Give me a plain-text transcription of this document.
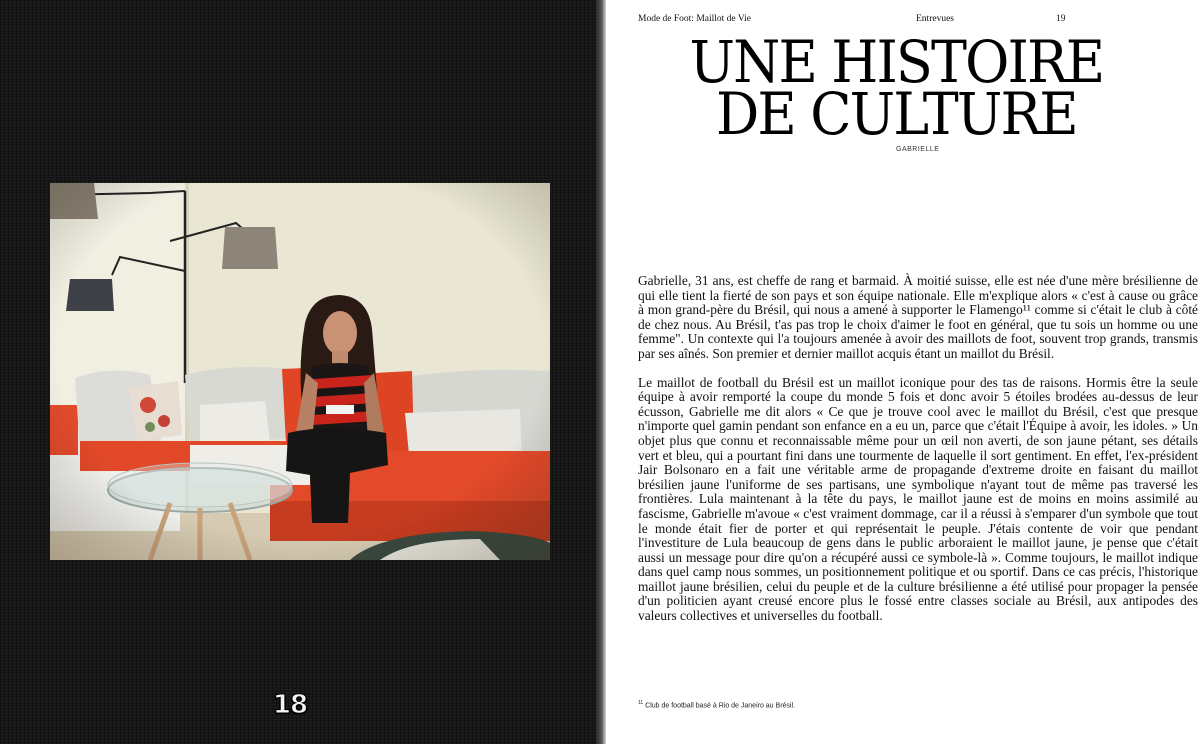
18
Mode de Foot: Maillot de Vie	Entrevues	19
UNE HISTOIRE
DE CULTURE
GABRIELLE

Gabrielle, 31 ans, est cheffe de rang et barmaid. À moitié suisse, elle est née d'une mère brésilienne de qui elle tient la fierté de son pays et son équipe nationale. Elle m'explique alors « c'est à cause ou grâce à mon grand-père du Brésil, qui nous a amené à supporter le Flamengo¹¹ comme si c'était le club à côté de chez nous. Au Brésil, t'as pas trop le choix d'aimer le foot en général, que tu sois un homme ou une femme". Un contexte qui l'a toujours amenée à avoir des maillots de foot, souvent trop grands, transmis par ses aînés. Son premier et dernier maillot acquis étant un maillot du Brésil.

Le maillot de football du Brésil est un maillot iconique pour des tas de raisons. Hormis être la seule équipe à avoir remporté la coupe du monde 5 fois et donc avoir 5 étoiles brodées au-dessus de leur écusson, Gabrielle me dit alors « Ce que je trouve cool avec le maillot du Brésil, c'est que presque n'importe quel gamin pendant son enfance en a eu un, parce que c'était l'Équipe à avoir, les idoles. » Un objet plus que connu et reconnaissable même pour un œil non averti, de son jaune pétant, ses détails vert et bleu, qui a pourtant fini dans une tourmente de laquelle il sort gentiment. En effet, l'ex-président Jair Bolsonaro en a fait une véritable arme de propagande d'extreme droite en faisant du maillot brésilien jaune l'uniforme de ses partisans, une symbolique n'ayant tout de même pas traversé les frontières. Lula maintenant à la tête du pays, le maillot jaune est de moins en moins assimilé au fascisme, Gabrielle m'avoue « c'est vraiment dommage, car il a réussi à s'emparer d'un symbole que tout le monde était fier de porter et qui représentait le peuple. J'étais contente de voir que pendant l'investiture de Lula beaucoup de gens dans le public arboraient le maillot jaune, je pense que c'était aussi un message pour dire qu'on a récupéré aussi ce symbole-là ». Comme toujours, le maillot indique dans quel camp nous sommes, un positionnement politique et ou sportif. Dans ce cas précis, l'historique maillot jaune brésilien, celui du peuple et de la culture brésilienne a été utilisé pour propager la pensée d'un politicien ayant creusé encore plus le fossé entre classes sociale au Brésil, aux antipodes des valeurs collectives et universelles du football.

$^{11}$ Club de football basé à Rio de Janeiro au Brésil.
